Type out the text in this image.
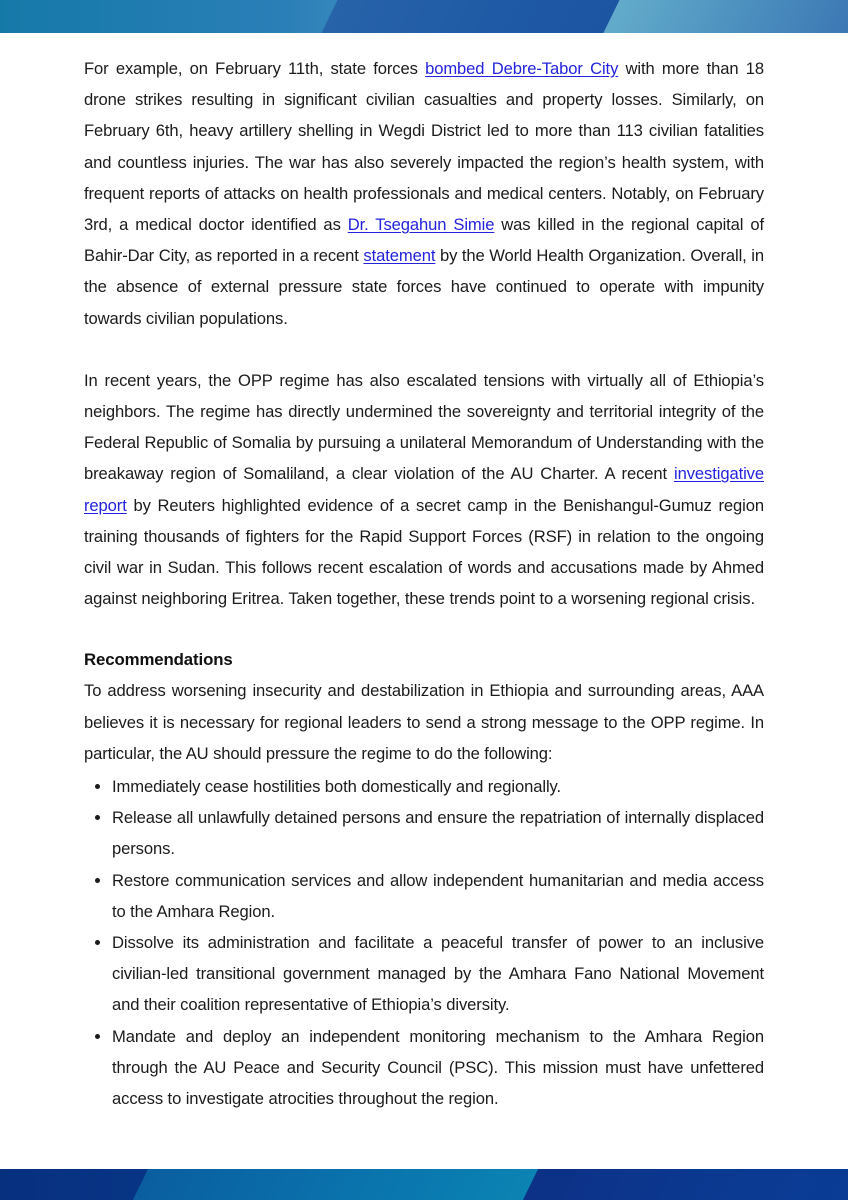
For example, on February 11th, state forces bombed Debre-Tabor City with more than 18 drone strikes resulting in significant civilian casualties and property losses. Similarly, on February 6th, heavy artillery shelling in Wegdi District led to more than 113 civilian fatalities and countless injuries. The war has also severely impacted the region’s health system, with frequent reports of attacks on health professionals and medical centers. Notably, on February 3rd, a medical doctor identified as Dr. Tsegahun Simie was killed in the regional capital of Bahir-Dar City, as reported in a recent statement by the World Health Organization. Overall, in the absence of external pressure state forces have continued to operate with impunity towards civilian populations.

In recent years, the OPP regime has also escalated tensions with virtually all of Ethiopia’s neighbors. The regime has directly undermined the sovereignty and territorial integrity of the Federal Republic of Somalia by pursuing a unilateral Memorandum of Understanding with the breakaway region of Somaliland, a clear violation of the AU Charter. A recent investigative report by Reuters highlighted evidence of a secret camp in the Benishangul-Gumuz region training thousands of fighters for the Rapid Support Forces (RSF) in relation to the ongoing civil war in Sudan. This follows recent escalation of words and accusations made by Ahmed against neighboring Eritrea. Taken together, these trends point to a worsening regional crisis.

Recommendations

To address worsening insecurity and destabilization in Ethiopia and surrounding areas, AAA believes it is necessary for regional leaders to send a strong message to the OPP regime. In particular, the AU should pressure the regime to do the following:

Immediately cease hostilities both domestically and regionally.
Release all unlawfully detained persons and ensure the repatriation of internally displaced persons.
Restore communication services and allow independent humanitarian and media access to the Amhara Region.
Dissolve its administration and facilitate a peaceful transfer of power to an inclusive civilian-led transitional government managed by the Amhara Fano National Movement and their coalition representative of Ethiopia’s diversity.
Mandate and deploy an independent monitoring mechanism to the Amhara Region through the AU Peace and Security Council (PSC). This mission must have unfettered access to investigate atrocities throughout the region.
